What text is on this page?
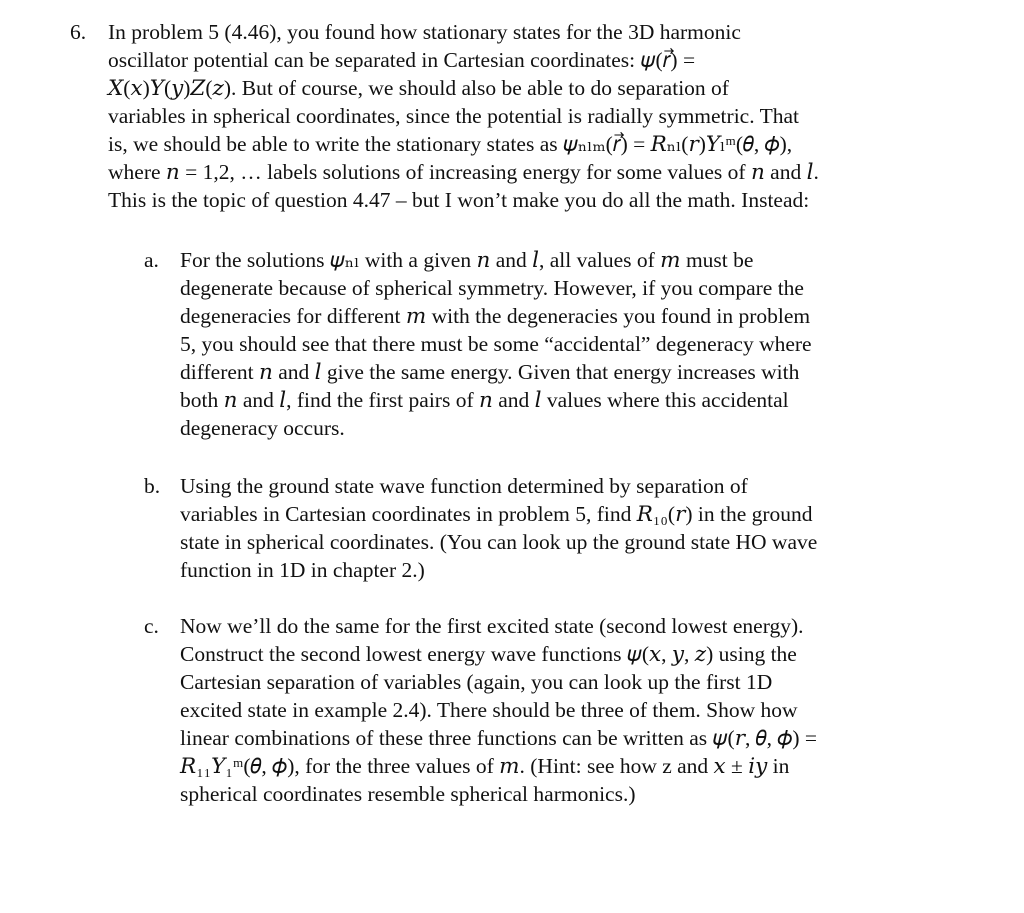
6. In problem 5 (4.46), you found how stationary states for the 3D harmonic
oscillator potential can be separated in Cartesian coordinates: 𝜓(𝑟⃗) =
𝑋(𝑥)𝑌(𝑦)𝑍(𝑧). But of course, we should also be able to do separation of
variables in spherical coordinates, since the potential is radially symmetric. That
is, we should be able to write the stationary states as 𝜓ₙₗₘ(𝑟⃗) = 𝑅ₙₗ(𝑟)𝑌ₗᵐ(𝜃, 𝜙),
where 𝑛 = 1,2, … labels solutions of increasing energy for some values of 𝑛 and 𝑙.
This is the topic of question 4.47 – but I won’t make you do all the math. Instead:
a. For the solutions 𝜓ₙₗ with a given 𝑛 and 𝑙, all values of 𝑚 must be
degenerate because of spherical symmetry. However, if you compare the
degeneracies for different 𝑚 with the degeneracies you found in problem
5, you should see that there must be some “accidental” degeneracy where
different 𝑛 and 𝑙 give the same energy. Given that energy increases with
both 𝑛 and 𝑙, find the first pairs of 𝑛 and 𝑙 values where this accidental
degeneracy occurs.
b. Using the ground state wave function determined by separation of
variables in Cartesian coordinates in problem 5, find 𝑅₁₀(𝑟) in the ground
state in spherical coordinates. (You can look up the ground state HO wave
function in 1D in chapter 2.)
c. Now we’ll do the same for the first excited state (second lowest energy).
Construct the second lowest energy wave functions 𝜓(𝑥, 𝑦, 𝑧) using the
Cartesian separation of variables (again, you can look up the first 1D
excited state in example 2.4). There should be three of them. Show how
linear combinations of these three functions can be written as 𝜓(𝑟, 𝜃, 𝜙) =
𝑅₁₁𝑌₁ᵐ(𝜃, 𝜙), for the three values of 𝑚. (Hint: see how z and 𝑥 ± 𝑖𝑦 in
spherical coordinates resemble spherical harmonics.)
